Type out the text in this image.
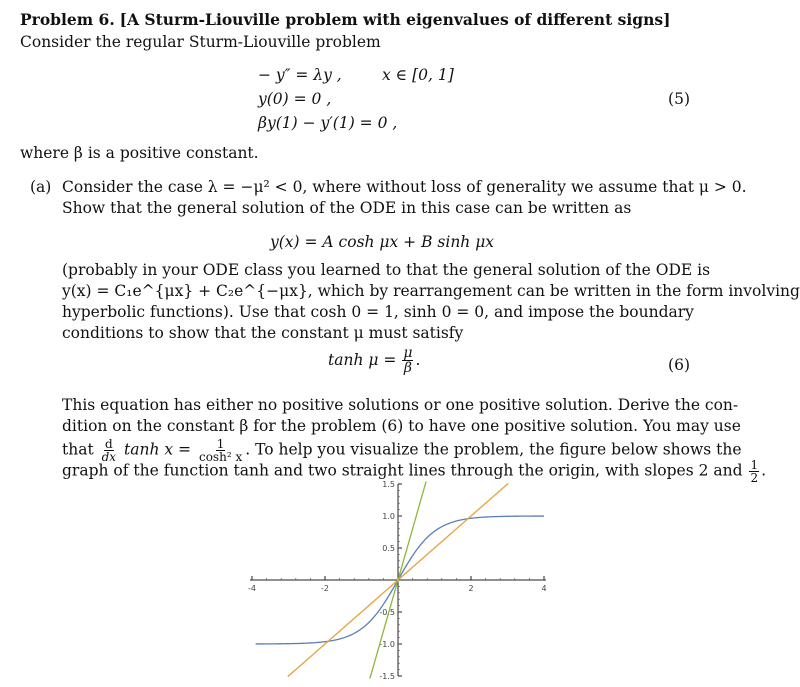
Problem 6. [A Sturm-Liouville problem with eigenvalues of different signs]
Consider the regular Sturm-Liouville problem
− y″ = λy ,	x ∈ [0, 1]
y(0) = 0 ,
βy(1) − y′(1) = 0 ,
(5)
where β is a positive constant.
(a) Consider the case λ = −μ² < 0, where without loss of generality we assume that μ > 0.
Show that the general solution of the ODE in this case can be written as
y(x) = A cosh μx + B sinh μx
(probably in your ODE class you learned to that the general solution of the ODE is
y(x) = C₁e^{μx} + C₂e^{−μx}, which by rearrangement can be written in the form involving
hyperbolic functions). Use that cosh 0 = 1, sinh 0 = 0, and impose the boundary
conditions to show that the constant μ must satisfy
$\tanh \mu = \frac{\mu}{\beta}$ .	(6)
This equation has either no positive solutions or one positive solution. Derive the con-
dition on the constant β for the problem (6) to have one positive solution. You may use
that $\frac{d}{dx}$ $\tanh x = \frac{1}{\text{cosh² x}}$ . To help you visualize the problem, the figure below shows the
graph of the function tanh and two straight lines through the origin, with slopes 2 and $\frac{1}{2}$ .
-4	-2	2	4
1.5
1.0
0.5
-0.5
-1.0
-1.5
